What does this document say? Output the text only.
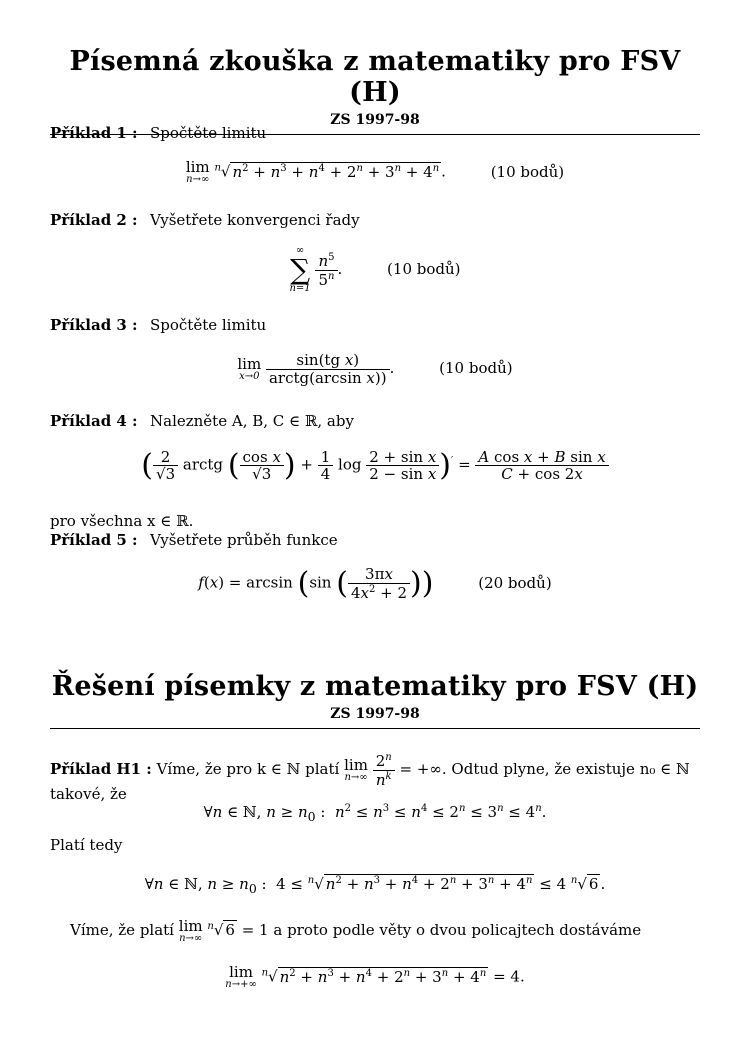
Písemná zkouška z matematiky pro FSV (H)
ZS 1997-98
Příklad 1 : Spočtěte limitu
lim
n→∞
$^n$√ $n^2 + n^3 + n^4 + 2^n + 3^n + 4^n$ .	(10 bodů)
Příklad 2 : Vyšetřete konvergenci řady
∞
∑
n=1

$\frac{n^5}{5^n}$ .	(10 bodů)
Příklad 3 : Spočtěte limitu
lim
x→0
$\frac{\text{sin(tg x)}}{\text{arctg(arcsin x))}}$ .	(10 bodů)
Příklad 4 : Nalezněte A, B, C ∈ ℝ, aby
( $\frac{2}{√3}$ arctg ( $\frac{\text{cos x}}{√3}$ ) + $\frac{1}{4}$ $\log \frac{\text{2 + sin x}}{\text{2 − sin x}} )' = \frac{\text{A cos x + B sin x}}{C + \cos 2x}$
pro všechna x ∈ ℝ.
Příklad 5 : Vyšetřete průběh funkce
f(x) = arcsin (sin ( $\frac{3\pi x}{4x^2 + 2}$ ))	(20 bodů)
Řešení písemky z matematiky pro FSV (H)
ZS 1997-98
Příklad H1 : Víme, že pro k ∈ ℕ platí lim
n→∞
$\frac{2^n}{n^k}$ = +∞. Odtud plyne, že existuje n₀ ∈ ℕ
takové, že
∀n ∈ ℕ, $n \ge n_0$ :  $n^2 \le n^3 \le n^4 \le 2^n \le 3^n \le 4^n$.
Platí tedy
∀n ∈ ℕ, $n \ge n_0$ :  4 ≤ $^n$√ $n^2 + n^3 + n^4 + 2^n + 3^n + 4^n \le 4$ $^n$√ 6 .
Víme, že platí lim
n→∞
$^n$√ 6 = 1 a proto podle věty o dvou policajtech dostáváme
lim
n→+∞
$^n$√ $n^2 + n^3 + n^4 + 2^n + 3^n + 4^n = 4$.
